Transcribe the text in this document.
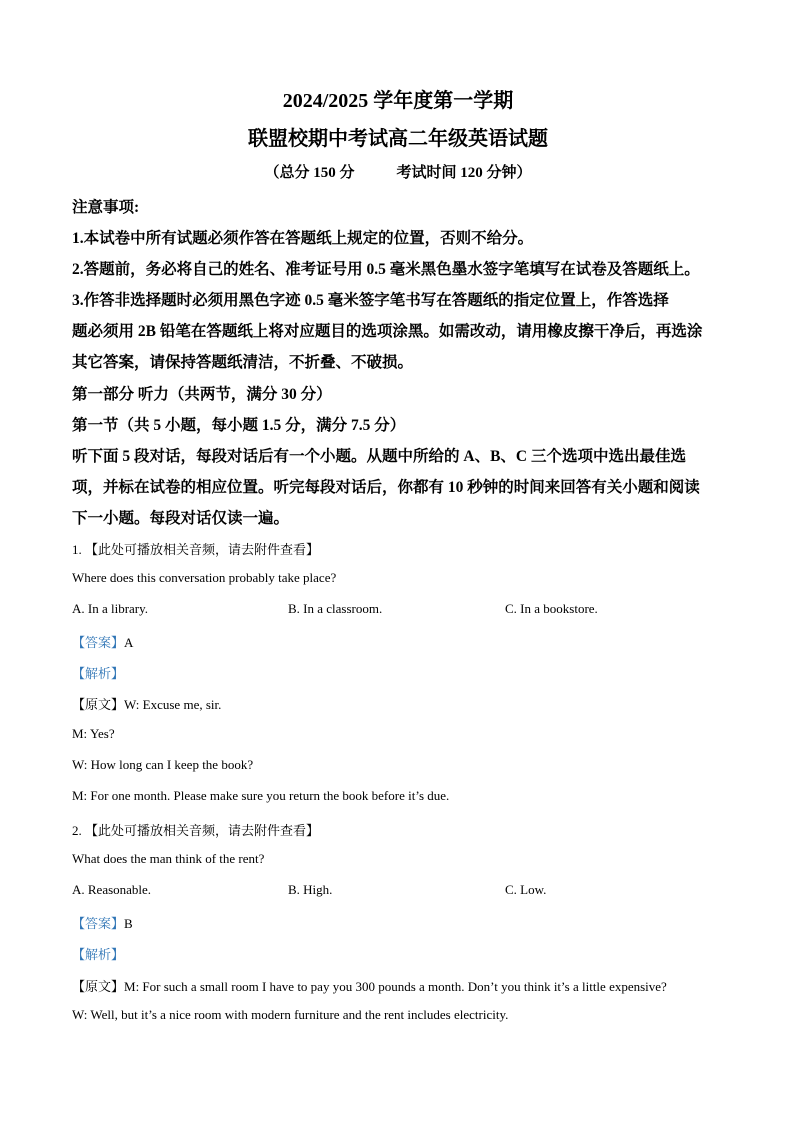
2024/2025 学年度第一学期
联盟校期中考试高二年级英语试题
（总分 150 分	考试时间 120 分钟）
注意事项:
1.本试卷中所有试题必须作答在答题纸上规定的位置，否则不给分。
2.答题前，务必将自己的姓名、准考证号用 0.5 毫米黑色墨水签字笔填写在试卷及答题纸上。
3.作答非选择题时必须用黑色字迹 0.5 毫米签字笔书写在答题纸的指定位置上，作答选择
题必须用 2B 铅笔在答题纸上将对应题目的选项涂黑。如需改动，请用橡皮擦干净后，再选涂
其它答案，请保持答题纸清洁，不折叠、不破损。
第一部分 听力（共两节，满分 30 分）
第一节（共 5 小题，每小题 1.5 分，满分 7.5 分）
听下面 5 段对话，每段对话后有一个小题。从题中所给的 A、B、C 三个选项中选出最佳选
项，并标在试卷的相应位置。听完每段对话后，你都有 10 秒钟的时间来回答有关小题和阅读
下一小题。每段对话仅读一遍。
1. 【此处可播放相关音频，请去附件查看】
Where does this conversation probably take place?
A. In a library.	B. In a classroom.	C. In a bookstore.
【答案】A
【解析】
【原文】W: Excuse me, sir.
M: Yes?
W: How long can I keep the book?
M: For one month. Please make sure you return the book before it’s due.
2. 【此处可播放相关音频，请去附件查看】
What does the man think of the rent?
A. Reasonable.	B. High.	C. Low.
【答案】B
【解析】
【原文】M: For such a small room I have to pay you 300 pounds a month. Don’t you think it’s a little expensive?
W: Well, but it’s a nice room with modern furniture and the rent includes electricity.
